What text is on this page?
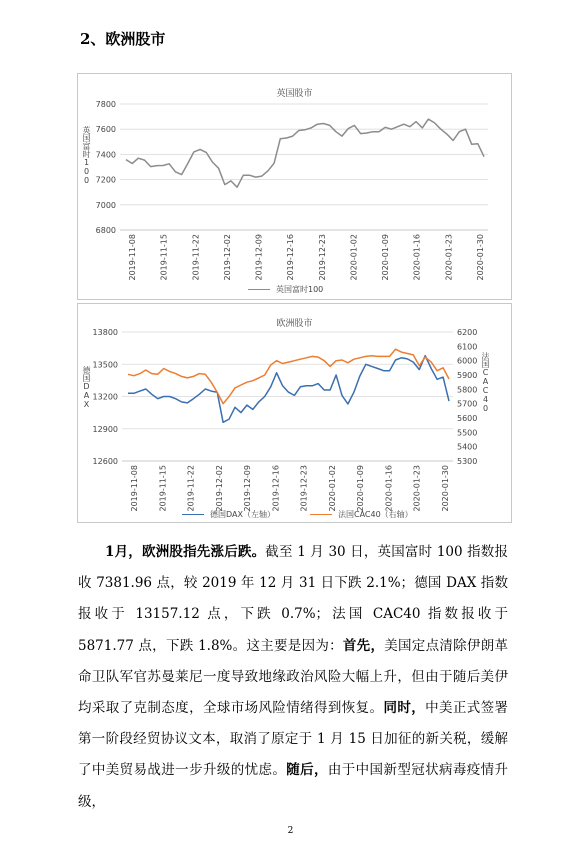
2、欧洲股市
英国股市
英国富时100
6800
7000
7200
7400
7600
7800
2019-11-08	2019-11-15	2019-11-22	2019-12-02	2019-12-09	2019-12-16	2019-12-23	2020-01-02	2020-01-09	2020-01-16	2020-01-23	2020-01-30
英国富时100
欧洲股市
德国DAX	法国CAC40
12600
12900
13200
13500
13800
5300
5400
5500
5600
5700
5800
5900
6000
6100
6200
2019-11-08 2019-11-15 2019-11-22 2019-12-02 2019-12-09 2019-12-16 2019-12-23 2020-01-02 2020-01-09 2020-01-16 2020-01-23 2020-01-30
德国DAX（左轴）	法国CAC40（右轴）

1月，欧洲股指先涨后跌。截至 1 月 30 日，英国富时 100 指数报收 7381.96 点，较 2019 年 12 月 31 日下跌 2.1%；德国 DAX 指数报收于 13157.12 点，下跌 0.7%；法国 CAC40 指数报收于 5871.77 点，下跌 1.8%。这主要是因为：首先，美国定点清除伊朗革命卫队军官苏曼莱尼一度导致地缘政治风险大幅上升，但由于随后美伊均采取了克制态度，全球市场风险情绪得到恢复。同时，中美正式签署第一阶段经贸协议文本，取消了原定于 1 月 15 日加征的新关税，缓解了中美贸易战进一步升级的忧虑。随后，由于中国新型冠状病毒疫情升级，

2
